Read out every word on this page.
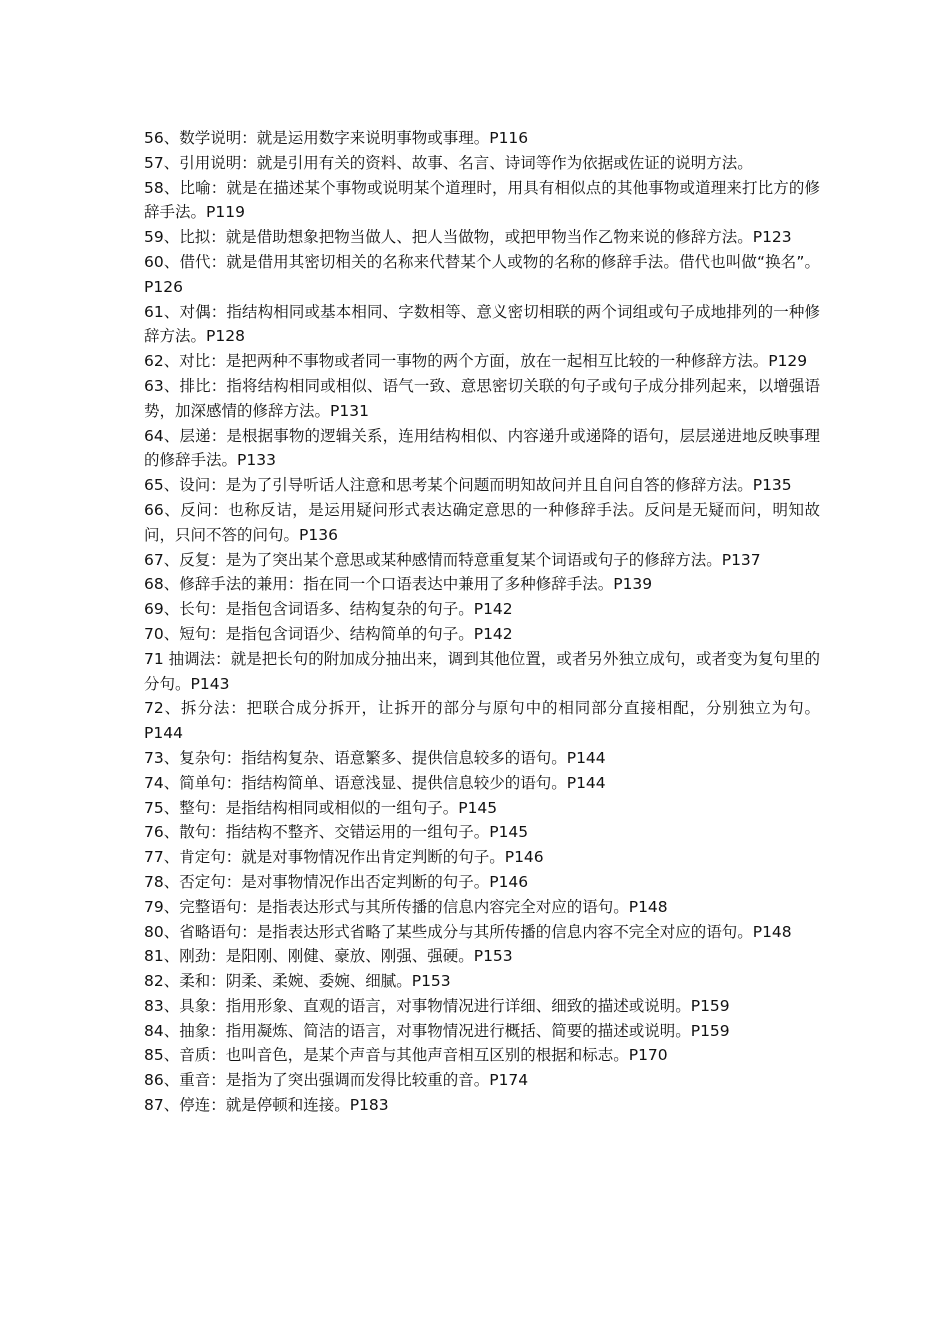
56、数学说明：就是运用数字来说明事物或事理。P116

57、引用说明：就是引用有关的资料、故事、名言、诗词等作为依据或佐证的说明方法。

58、比喻：就是在描述某个事物或说明某个道理时，用具有相似点的其他事物或道理来打比方的修辞手法。P119

59、比拟：就是借助想象把物当做人、把人当做物，或把甲物当作乙物来说的修辞方法。P123

60、借代：就是借用其密切相关的名称来代替某个人或物的名称的修辞手法。借代也叫做“换名”。P126

61、对偶：指结构相同或基本相同、字数相等、意义密切相联的两个词组或句子成地排列的一种修辞方法。P128

62、对比：是把两种不事物或者同一事物的两个方面，放在一起相互比较的一种修辞方法。P129

63、排比：指将结构相同或相似、语气一致、意思密切关联的句子或句子成分排列起来，以增强语势，加深感情的修辞方法。P131

64、层递：是根据事物的逻辑关系，连用结构相似、内容递升或递降的语句，层层递进地反映事理的修辞手法。P133

65、设问：是为了引导听话人注意和思考某个问题而明知故问并且自问自答的修辞方法。P135

66、反问：也称反诘，是运用疑问形式表达确定意思的一种修辞手法。反问是无疑而问，明知故问，只问不答的问句。P136

67、反复：是为了突出某个意思或某种感情而特意重复某个词语或句子的修辞方法。P137

68、修辞手法的兼用：指在同一个口语表达中兼用了多种修辞手法。P139

69、长句：是指包含词语多、结构复杂的句子。P142

70、短句：是指包含词语少、结构简单的句子。P142

71 抽调法：就是把长句的附加成分抽出来，调到其他位置，或者另外独立成句，或者变为复句里的分句。P143

72、拆分法：把联合成分拆开，让拆开的部分与原句中的相同部分直接相配，分别独立为句。P144

73、复杂句：指结构复杂、语意繁多、提供信息较多的语句。P144

74、简单句：指结构简单、语意浅显、提供信息较少的语句。P144

75、整句：是指结构相同或相似的一组句子。P145

76、散句：指结构不整齐、交错运用的一组句子。P145

77、肯定句：就是对事物情况作出肯定判断的句子。P146

78、否定句：是对事物情况作出否定判断的句子。P146

79、完整语句：是指表达形式与其所传播的信息内容完全对应的语句。P148

80、省略语句：是指表达形式省略了某些成分与其所传播的信息内容不完全对应的语句。P148

81、刚劲：是阳刚、刚健、豪放、刚强、强硬。P153

82、柔和：阴柔、柔婉、委婉、细腻。P153

83、具象：指用形象、直观的语言，对事物情况进行详细、细致的描述或说明。P159

84、抽象：指用凝炼、简洁的语言，对事物情况进行概括、简要的描述或说明。P159

85、音质：也叫音色，是某个声音与其他声音相互区别的根据和标志。P170

86、重音：是指为了突出强调而发得比较重的音。P174

87、停连：就是停顿和连接。P183
